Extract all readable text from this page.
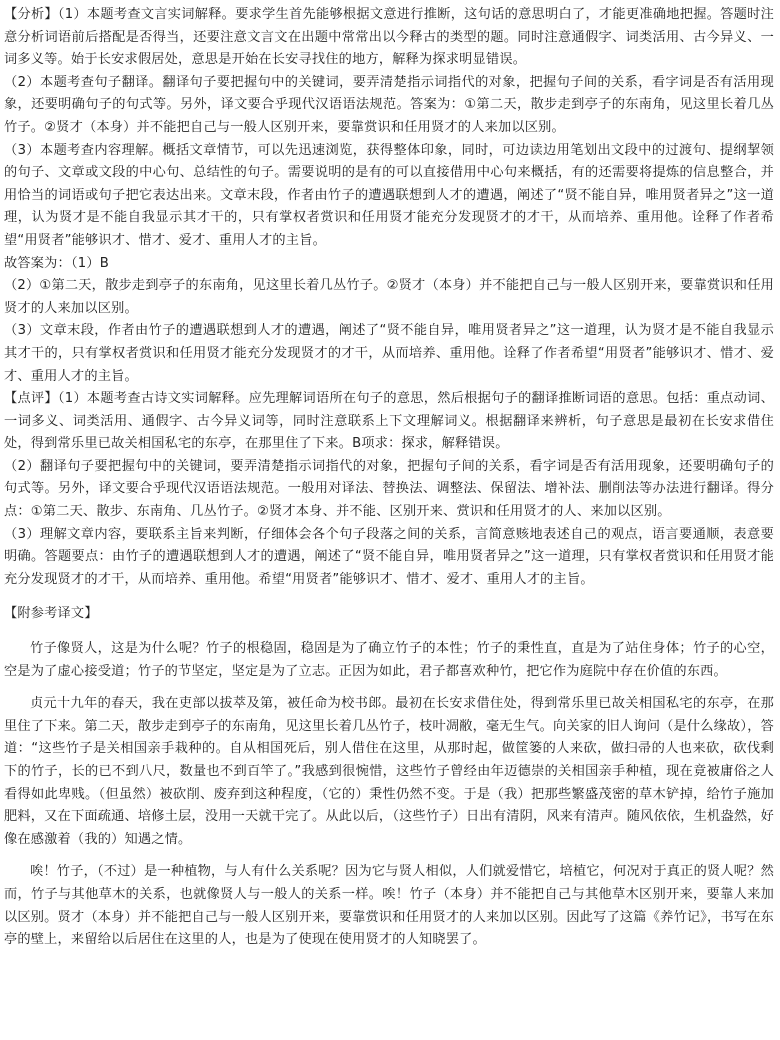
【分析】（1）本题考查文言实词解释。要求学生首先能够根据文意进行推断，这句话的意思明白了，才能更准确地把握。答题时注意分析词语前后搭配是否得当，还要注意文言文在出题中常常出以今释古的类型的题。同时注意通假字、词类活用、古今异义、一词多义等。始于长安求假居处，意思是开始在长安寻找住的地方，解释为探求明显错误。

（2）本题考查句子翻译。翻译句子要把握句中的关键词，要弄清楚指示词指代的对象，把握句子间的关系，看字词是否有活用现象，还要明确句子的句式等。另外，译文要合乎现代汉语语法规范。答案为：①第二天，散步走到亭子的东南角，见这里长着几丛竹子。②贤才（本身）并不能把自己与一般人区别开来，要靠赏识和任用贤才的人来加以区别。

（3）本题考查内容理解。概括文章情节，可以先迅速浏览，获得整体印象，同时，可边读边用笔划出文段中的过渡句、提纲挈领的句子、文章或文段的中心句、总结性的句子。需要说明的是有的可以直接借用中心句来概括，有的还需要将提炼的信息整合，并用恰当的词语或句子把它表达出来。文章末段，作者由竹子的遭遇联想到人才的遭遇，阐述了“贤不能自异，唯用贤者异之”这一道理，认为贤才是不能自我显示其才干的，只有掌权者赏识和任用贤才能充分发现贤才的才干，从而培养、重用他。诠释了作者希望“用贤者”能够识才、惜才、爱才、重用人才的主旨。

故答案为：（1）B

（2）①第二天，散步走到亭子的东南角，见这里长着几丛竹子。②贤才（本身）并不能把自己与一般人区别开来，要靠赏识和任用贤才的人来加以区别。

（3）文章末段，作者由竹子的遭遇联想到人才的遭遇，阐述了“贤不能自异，唯用贤者异之”这一道理，认为贤才是不能自我显示其才干的，只有掌权者赏识和任用贤才能充分发现贤才的才干，从而培养、重用他。诠释了作者希望“用贤者”能够识才、惜才、爱才、重用人才的主旨。

【点评】（1）本题考查古诗文实词解释。应先理解词语所在句子的意思，然后根据句子的翻译推断词语的意思。包括：重点动词、一词多义、词类活用、通假字、古今异义词等，同时注意联系上下文理解词义。根据翻译来辨析，句子意思是最初在长安求借住处，得到常乐里已故关相国私宅的东亭，在那里住了下来。B项求：探求，解释错误。

（2）翻译句子要把握句中的关键词，要弄清楚指示词指代的对象，把握句子间的关系，看字词是否有活用现象，还要明确句子的句式等。另外，译文要合乎现代汉语语法规范。一般用对译法、替换法、调整法、保留法、增补法、删削法等办法进行翻译。得分点：①第二天、散步、东南角、几丛竹子。②贤才本身、并不能、区别开来、赏识和任用贤才的人、来加以区别。

（3）理解文章内容，要联系主旨来判断，仔细体会各个句子段落之间的关系，言简意赅地表述自己的观点，语言要通顺，表意要明确。答题要点：由竹子的遭遇联想到人才的遭遇，阐述了“贤不能自异，唯用贤者异之”这一道理，只有掌权者赏识和任用贤才能充分发现贤才的才干，从而培养、重用他。希望“用贤者”能够识才、惜才、爱才、重用人才的主旨。

【附参考译文】

竹子像贤人，这是为什么呢？竹子的根稳固，稳固是为了确立竹子的本性；竹子的秉性直，直是为了站住身体；竹子的心空，空是为了虚心接受道；竹子的节坚定，坚定是为了立志。正因为如此，君子都喜欢种竹，把它作为庭院中存在价值的东西。

贞元十九年的春天，我在吏部以拔萃及第，被任命为校书郎。最初在长安求借住处，得到常乐里已故关相国私宅的东亭，在那里住了下来。第二天，散步走到亭子的东南角，见这里长着几丛竹子，枝叶凋敝，毫无生气。向关家的旧人询问（是什么缘故），答道：“这些竹子是关相国亲手栽种的。自从相国死后，别人借住在这里，从那时起，做筐篓的人来砍，做扫帚的人也来砍，砍伐剩下的竹子，长的已不到八尺，数量也不到百竿了。”我感到很惋惜，这些竹子曾经由年迈德崇的关相国亲手种植，现在竟被庸俗之人看得如此卑贱。（但虽然）被砍削、废弃到这种程度，（它的）秉性仍然不变。于是（我）把那些繁盛茂密的草木铲掉，给竹子施加肥料，又在下面疏通、培修土层，没用一天就干完了。从此以后，（这些竹子）日出有清阴，风来有清声。随风依依，生机盎然，好像在感激着（我的）知遇之情。

唉！竹子，（不过）是一种植物，与人有什么关系呢？因为它与贤人相似，人们就爱惜它，培植它，何况对于真正的贤人呢？然而，竹子与其他草木的关系，也就像贤人与一般人的关系一样。唉！竹子（本身）并不能把自己与其他草木区别开来，要靠人来加以区别。贤才（本身）并不能把自己与一般人区别开来，要靠赏识和任用贤才的人来加以区别。因此写了这篇《养竹记》，书写在东亭的壁上，来留给以后居住在这里的人，也是为了使现在使用贤才的人知晓罢了。
